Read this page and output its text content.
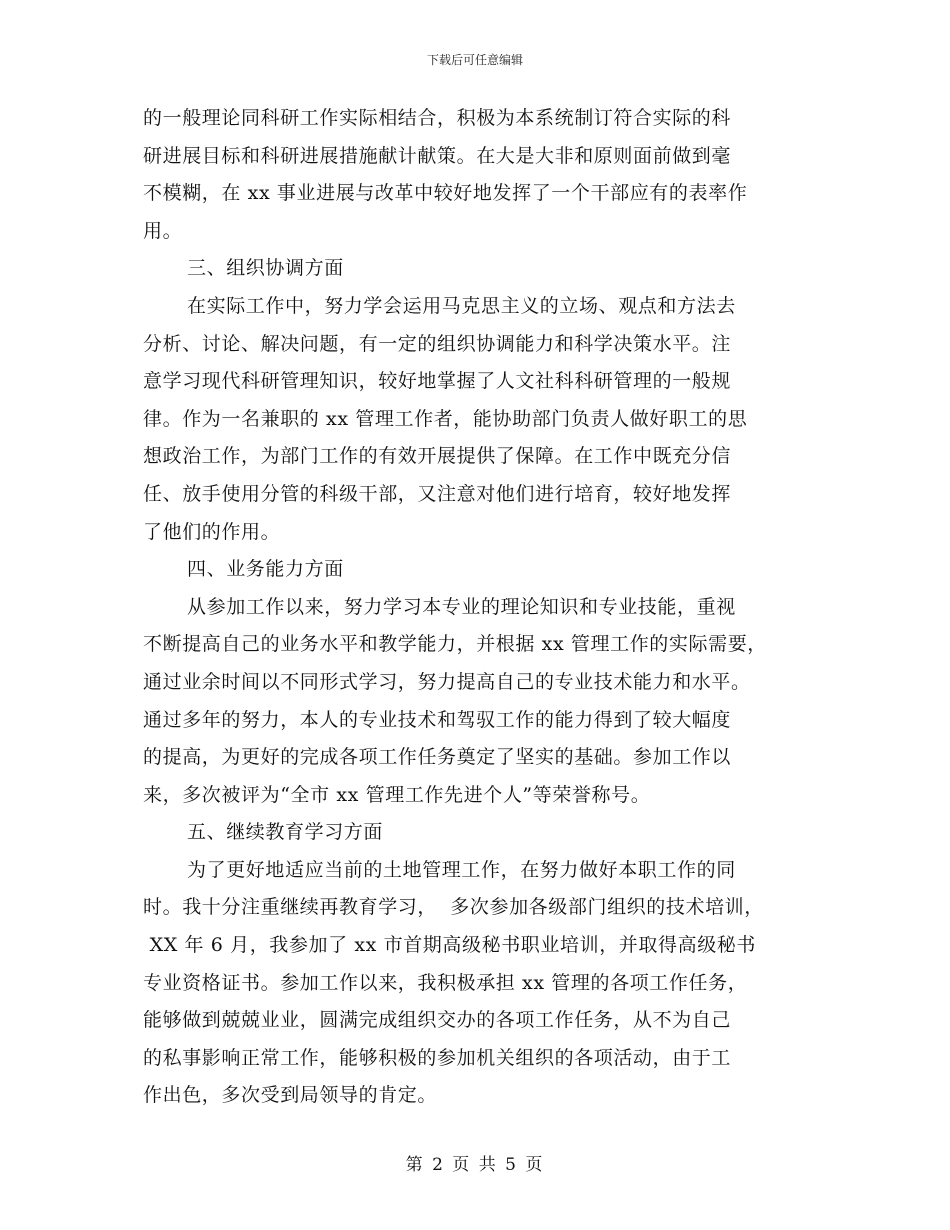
下载后可任意编辑
的一般理论同科研工作实际相结合，积极为本系统制订符合实际的科
研进展目标和科研进展措施献计献策。在大是大非和原则面前做到毫
不模糊，在 xx 事业进展与改革中较好地发挥了一个干部应有的表率作
用。
三、组织协调方面
在实际工作中，努力学会运用马克思主义的立场、观点和方法去
分析、讨论、解决问题，有一定的组织协调能力和科学决策水平。注
意学习现代科研管理知识，较好地掌握了人文社科科研管理的一般规
律。作为一名兼职的 xx 管理工作者，能协助部门负责人做好职工的思
想政治工作，为部门工作的有效开展提供了保障。在工作中既充分信
任、放手使用分管的科级干部，又注意对他们进行培育，较好地发挥
了他们的作用。
四、业务能力方面
从参加工作以来，努力学习本专业的理论知识和专业技能，重视
不断提高自己的业务水平和教学能力，并根据 xx 管理工作的实际需要，
通过业余时间以不同形式学习，努力提高自己的专业技术能力和水平。
通过多年的努力，本人的专业技术和驾驭工作的能力得到了较大幅度
的提高，为更好的完成各项工作任务奠定了坚实的基础。参加工作以
来，多次被评为“全市 xx 管理工作先进个人”等荣誉称号。
五、继续教育学习方面
为了更好地适应当前的土地管理工作，在努力做好本职工作的同
时。我十分注重继续再教育学习，  多次参加各级部门组织的技术培训，
XX 年 6 月，我参加了 xx 市首期高级秘书职业培训，并取得高级秘书
专业资格证书。参加工作以来，我积极承担 xx 管理的各项工作任务，
能够做到兢兢业业，圆满完成组织交办的各项工作任务，从不为自己
的私事影响正常工作，能够积极的参加机关组织的各项活动，由于工
作出色，多次受到局领导的肯定。
第 2 页 共 5 页
